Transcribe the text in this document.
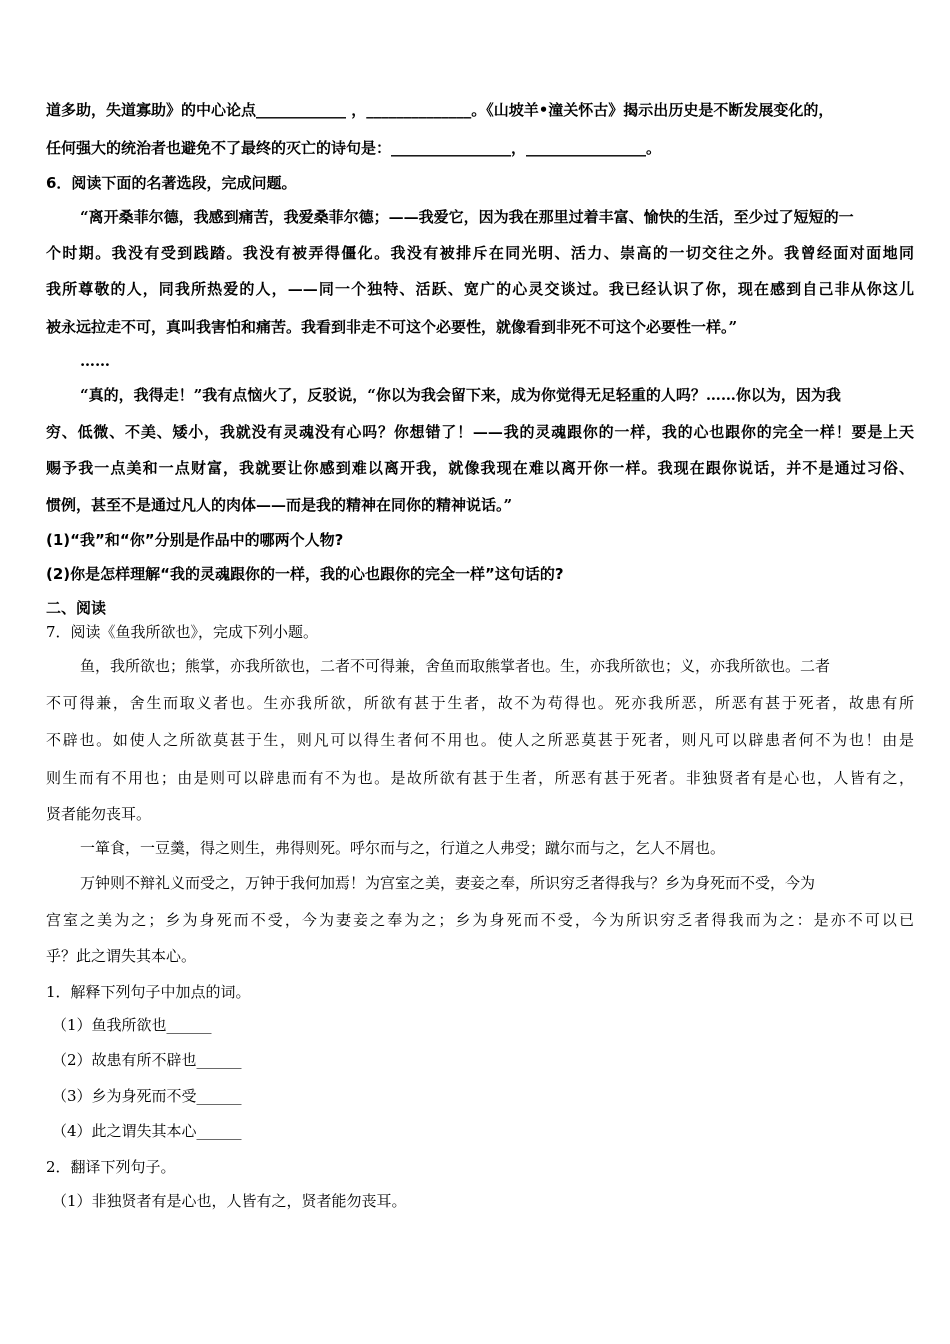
道多助，失道寡助》的中心论点____________ ，______________。《山坡羊•潼关怀古》揭示出历史是不断发展变化的，
任何强大的统治者也避免不了最终的灭亡的诗句是：________________，________________。
6．阅读下面的名著选段，完成问题。
“离开桑菲尔德，我感到痛苦，我爱桑菲尔德；——我爱它，因为我在那里过着丰富、愉快的生活，至少过了短短的一
个时期。我没有受到践踏。我没有被弄得僵化。我没有被排斥在同光明、活力、崇高的一切交往之外。我曾经面对面地同
我所尊敬的人，同我所热爱的人，——同一个独特、活跃、宽广的心灵交谈过。我已经认识了你，现在感到自己非从你这儿
被永远拉走不可，真叫我害怕和痛苦。我看到非走不可这个必要性，就像看到非死不可这个必要性一样。”
……
“真的，我得走！”我有点恼火了，反驳说，“你以为我会留下来，成为你觉得无足轻重的人吗？……你以为，因为我
穷、低微、不美、矮小，我就没有灵魂没有心吗？你想错了！——我的灵魂跟你的一样，我的心也跟你的完全一样！要是上天
赐予我一点美和一点财富，我就要让你感到难以离开我，就像我现在难以离开你一样。我现在跟你说话，并不是通过习俗、
惯例，甚至不是通过凡人的肉体——而是我的精神在同你的精神说话。”
(1)“我”和“你”分别是作品中的哪两个人物?
(2)你是怎样理解“我的灵魂跟你的一样，我的心也跟你的完全一样”这句话的?
二、阅读
7．阅读《鱼我所欲也》，完成下列小题。
鱼，我所欲也；熊掌，亦我所欲也，二者不可得兼，舍鱼而取熊掌者也。生，亦我所欲也；义，亦我所欲也。二者
不可得兼，舍生而取义者也。生亦我所欲，所欲有甚于生者，故不为苟得也。死亦我所恶，所恶有甚于死者，故患有所
不辟也。如使人之所欲莫甚于生，则凡可以得生者何不用也。使人之所恶莫甚于死者，则凡可以辟患者何不为也！由是
则生而有不用也；由是则可以辟患而有不为也。是故所欲有甚于生者，所恶有甚于死者。非独贤者有是心也，人皆有之，
贤者能勿丧耳。
一箪食，一豆羹，得之则生，弗得则死。呼尔而与之，行道之人弗受；蹴尔而与之，乞人不屑也。
万钟则不辩礼义而受之，万钟于我何加焉！为宫室之美，妻妾之奉，所识穷乏者得我与？乡为身死而不受，今为
宫室之美为之；乡为身死而不受，今为妻妾之奉为之；乡为身死而不受，今为所识穷乏者得我而为之：是亦不可以已
乎？此之谓失其本心。
1．解释下列句子中加点的词。
（1）鱼我所欲也______
（2）故患有所不辟也______
（3）乡为身死而不受______
（4）此之谓失其本心______
2．翻译下列句子。
（1）非独贤者有是心也，人皆有之，贤者能勿丧耳。
